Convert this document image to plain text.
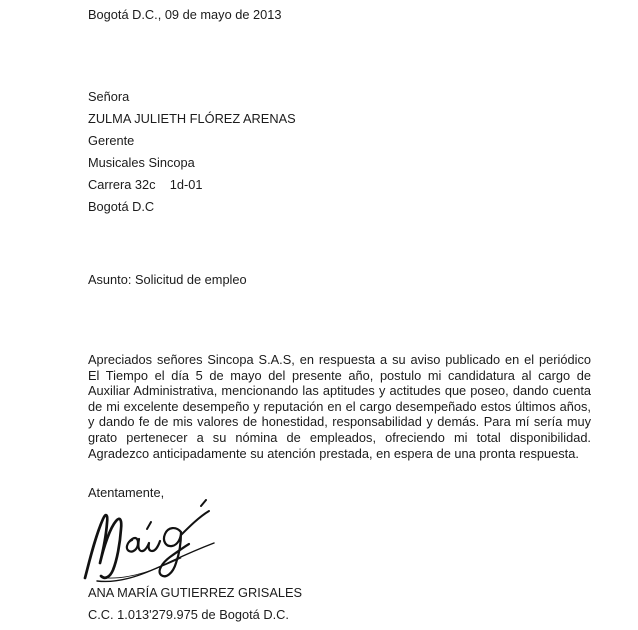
Bogotá D.C., 09 de mayo de 2013
Señora
ZULMA JULIETH FLÓREZ ARENAS
Gerente
Musicales Sincopa
Carrera 32c    1d-01
Bogotá D.C
Asunto: Solicitud de empleo
Apreciados señores Sincopa S.A.S, en respuesta a su aviso publicado en el periódico
El Tiempo el día 5 de mayo del presente año, postulo mi candidatura al cargo de
Auxiliar Administrativa, mencionando las aptitudes y actitudes que poseo, dando cuenta
de mi excelente desempeño y reputación en el cargo desempeñado estos últimos años,
y dando fe de mis valores de honestidad, responsabilidad y demás. Para mí sería muy
grato pertenecer a su nómina de empleados, ofreciendo mi total disponibilidad.
Agradezco anticipadamente su atención prestada, en espera de una pronta respuesta.
Atentamente,
ANA MARÍA GUTIERREZ GRISALES
C.C. 1.013'279.975 de Bogotá D.C.
